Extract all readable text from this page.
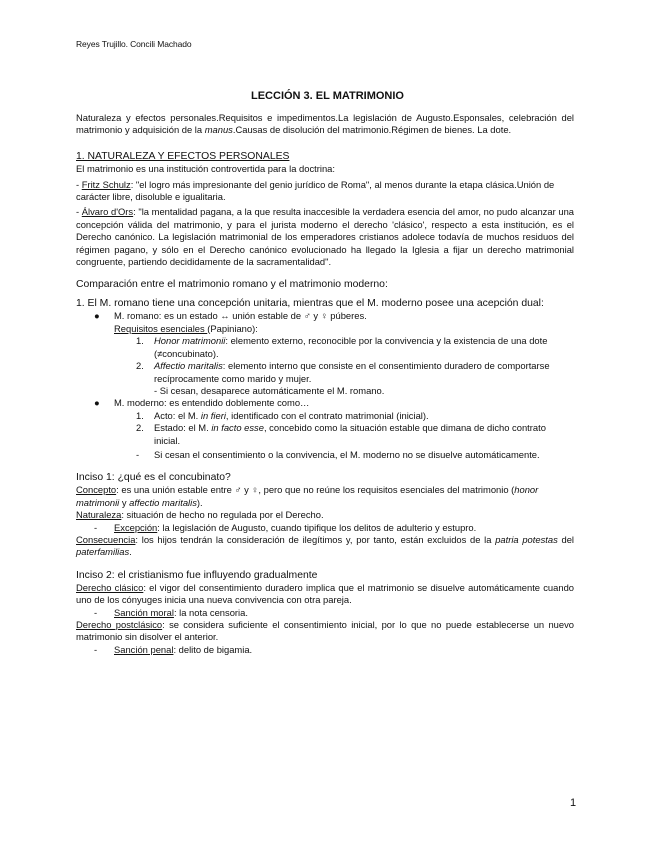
Reyes Trujillo. Concili Machado
LECCIÓN 3. EL MATRIMONIO

Naturaleza y efectos personales.Requisitos e impedimentos.La legislación de Augusto.Esponsales, celebración del matrimonio y adquisición de la manus.Causas de disolución del matrimonio.Régimen de bienes. La dote.

1. NATURALEZA Y EFECTOS PERSONALES

El matrimonio es una institución controvertida para la doctrina:

- Fritz Schulz: "el logro más impresionante del genio jurídico de Roma", al menos durante la etapa clásica.Unión de carácter libre, disoluble e igualitaria.

- Álvaro d'Ors: "la mentalidad pagana, a la que resulta inaccesible la verdadera esencia del amor, no pudo alcanzar una concepción válida del matrimonio, y para el jurista moderno el derecho 'clásico', respecto a esta institución, es el Derecho canónico. La legislación matrimonial de los emperadores cristianos adolece todavía de muchos residuos del régimen pagano, y sólo en el Derecho canónico evolucionado ha llegado la Iglesia a fijar un derecho matrimonial congruente, partiendo decididamente de la sacramentalidad".

Comparación entre el matrimonio romano y el matrimonio moderno:

1. El M. romano tiene una concepción unitaria, mientras que el M. moderno posee una acepción dual:

● M. romano: es un estado ↔ unión estable de ♂ y ♀ púberes.
Requisitos esenciales (Papiniano):
1. Honor matrimonii: elemento externo, reconocible por la convivencia y la existencia de una dote (≠concubinato).
2. Affectio maritalis: elemento interno que consiste en el consentimiento duradero de comportarse recíprocamente como marido y mujer.
- Si cesan, desaparece automáticamente el M. romano.
● M. moderno: es entendido doblemente como…
1. Acto: el M. in fieri, identificado con el contrato matrimonial (inicial).
2. Estado: el M. in facto esse, concebido como la situación estable que dimana de dicho contrato inicial.
- Si cesan el consentimiento o la convivencia, el M. moderno no se disuelve automáticamente.

Inciso 1: ¿qué es el concubinato?

Concepto: es una unión estable entre ♂ y ♀, pero que no reúne los requisitos esenciales del matrimonio (honor matrimonii y affectio maritalis).

Naturaleza: situación de hecho no regulada por el Derecho.

- Excepción: la legislación de Augusto, cuando tipifique los delitos de adulterio y estupro.

Consecuencia: los hijos tendrán la consideración de ilegítimos y, por tanto, están excluidos de la patria potestas del paterfamilias.

Inciso 2: el cristianismo fue influyendo gradualmente

Derecho clásico: el vigor del consentimiento duradero implica que el matrimonio se disuelve automáticamente cuando uno de los cónyuges inicia una nueva convivencia con otra pareja.

- Sanción moral: la nota censoria.

Derecho postclásico: se considera suficiente el consentimiento inicial, por lo que no puede establecerse un nuevo matrimonio sin disolver el anterior.

- Sanción penal: delito de bigamia.
1
